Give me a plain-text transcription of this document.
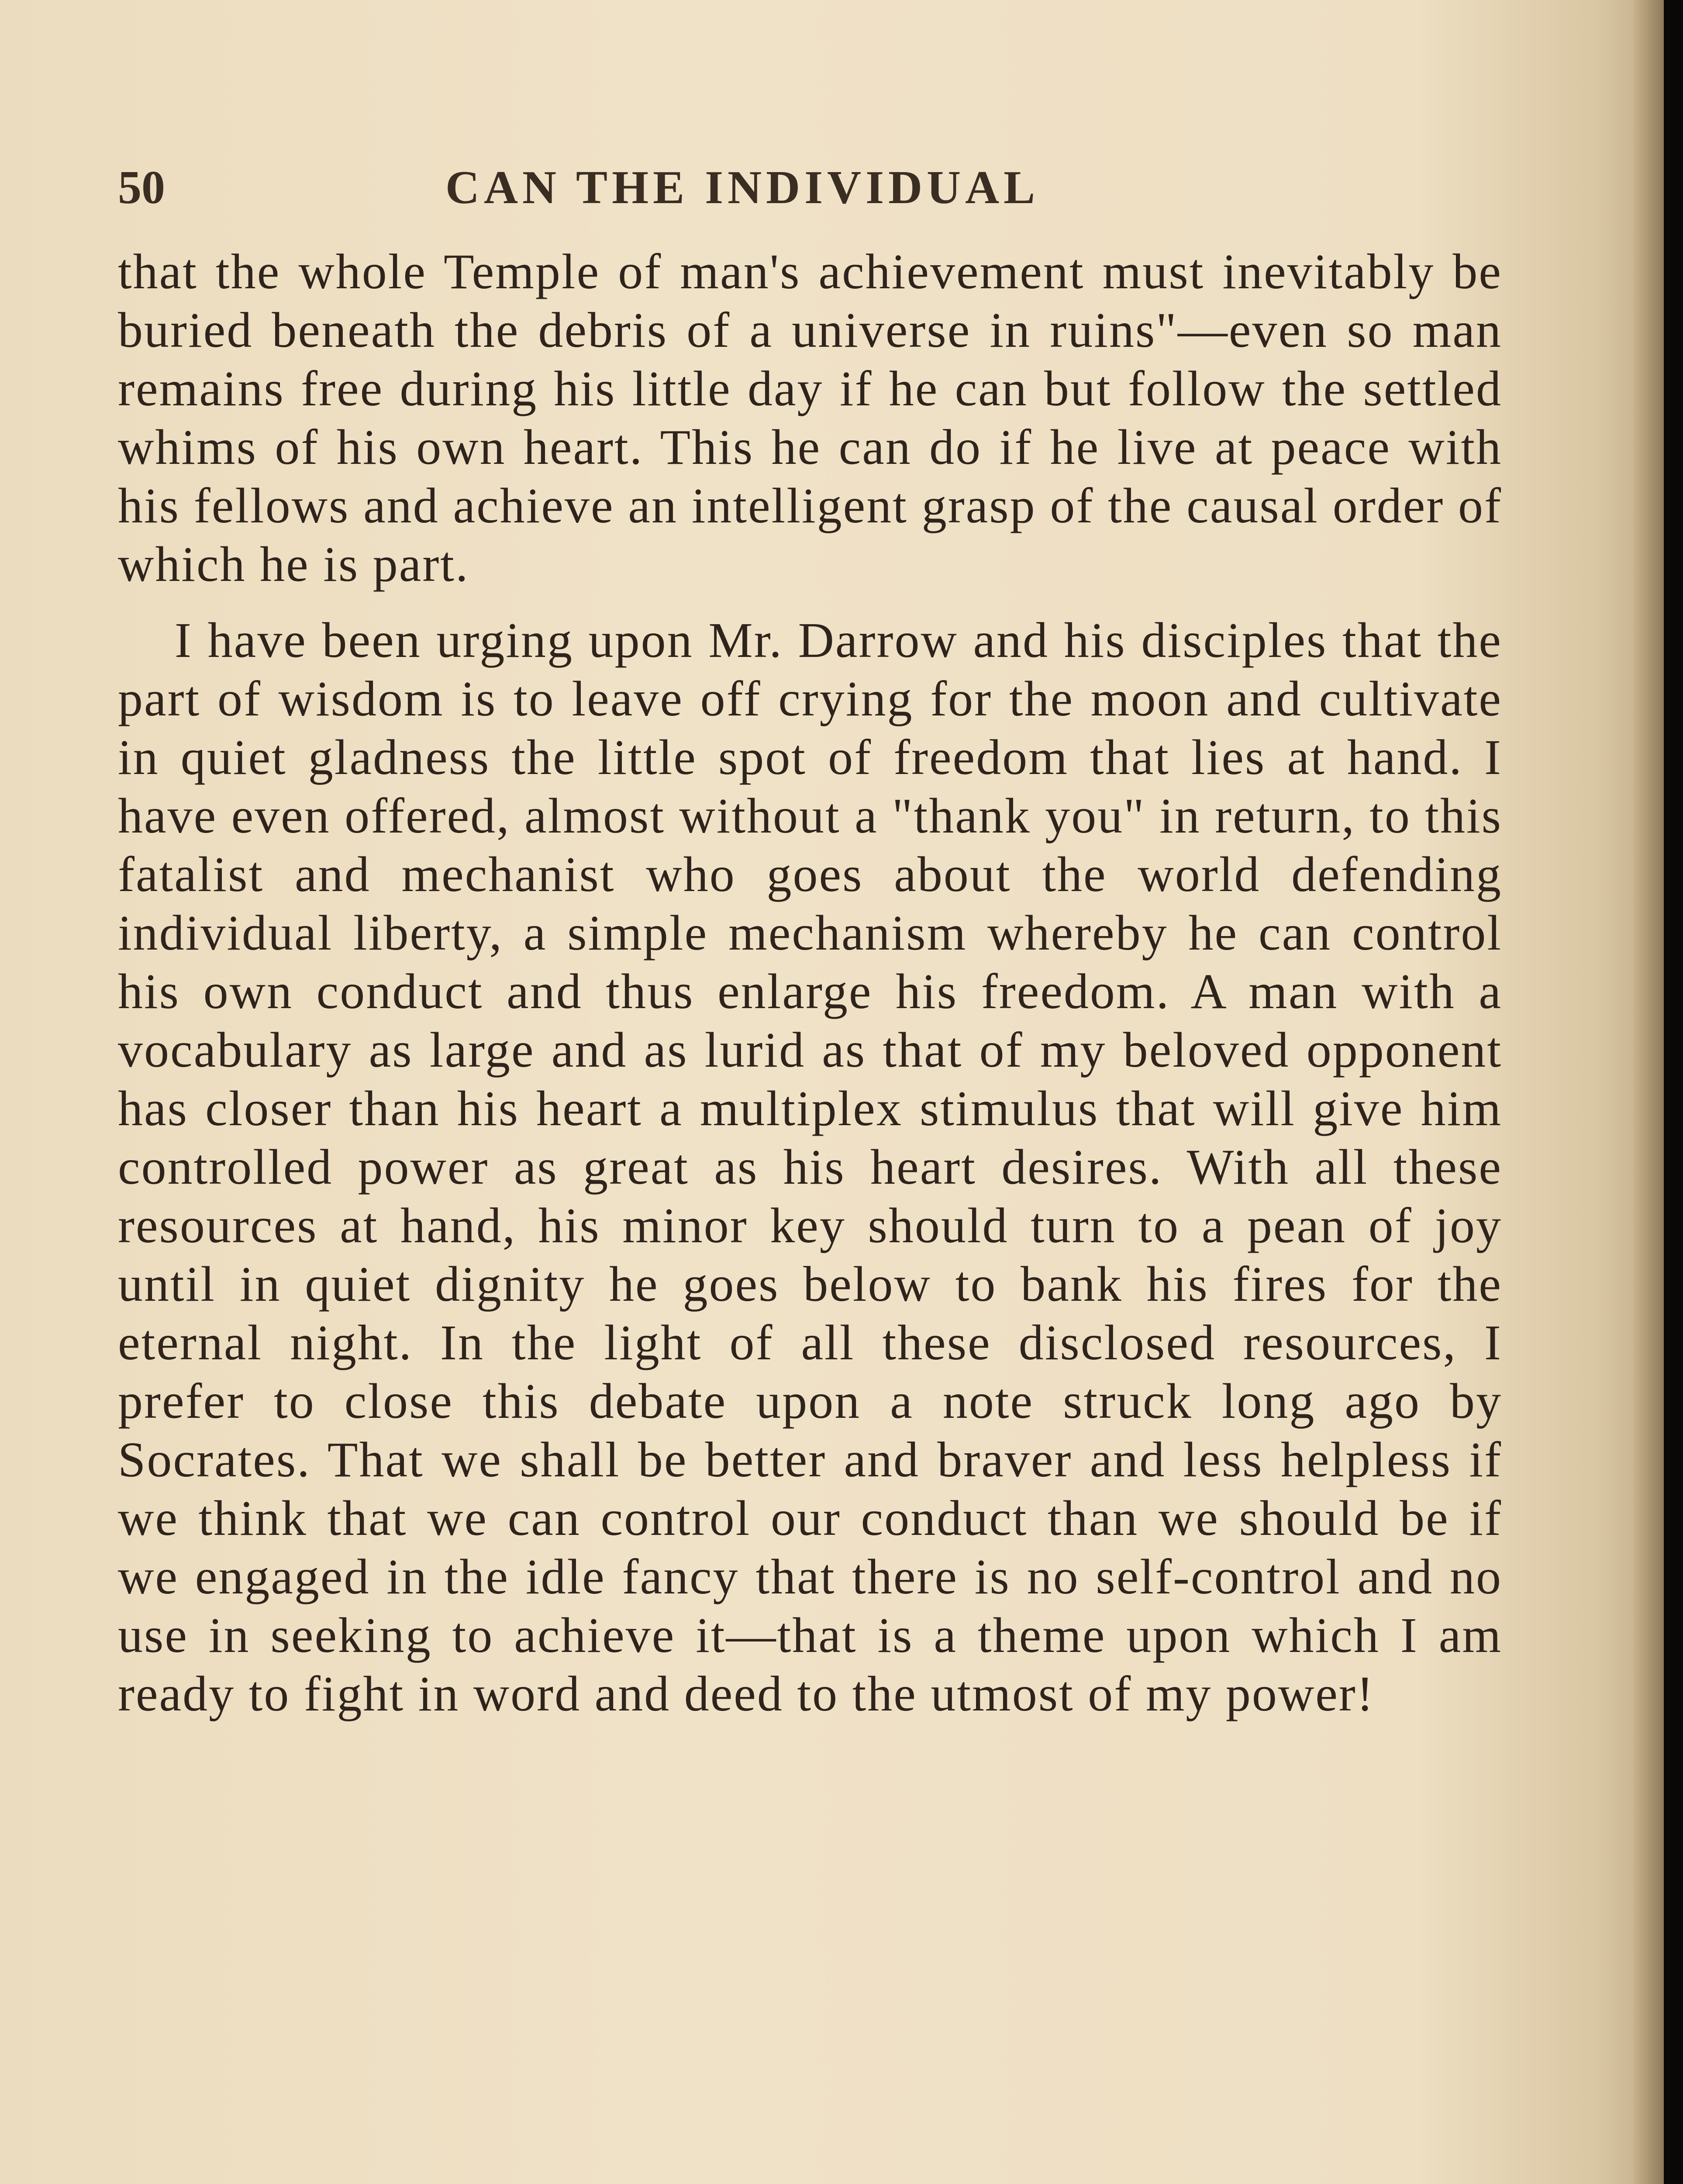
50	CAN THE INDIVIDUAL

that the whole Temple of man's achievement must inevitably be buried beneath the debris of a universe in ruins"—even so man remains free during his little day if he can but follow the settled whims of his own heart. This he can do if he live at peace with his fellows and achieve an intelligent grasp of the causal order of which he is part.

I have been urging upon Mr. Darrow and his disciples that the part of wisdom is to leave off crying for the moon and cultivate in quiet gladness the little spot of freedom that lies at hand. I have even offered, almost without a "thank you" in return, to this fatalist and mechanist who goes about the world defending individual liberty, a simple mechanism whereby he can control his own conduct and thus enlarge his freedom. A man with a vocabulary as large and as lurid as that of my beloved opponent has closer than his heart a multiplex stimulus that will give him controlled power as great as his heart desires. With all these resources at hand, his minor key should turn to a pean of joy until in quiet dignity he goes below to bank his fires for the eternal night. In the light of all these disclosed resources, I prefer to close this debate upon a note struck long ago by Socrates. That we shall be better and braver and less helpless if we think that we can control our conduct than we should be if we engaged in the idle fancy that there is no self-control and no use in seeking to achieve it—that is a theme upon which I am ready to fight in word and deed to the utmost of my power!
